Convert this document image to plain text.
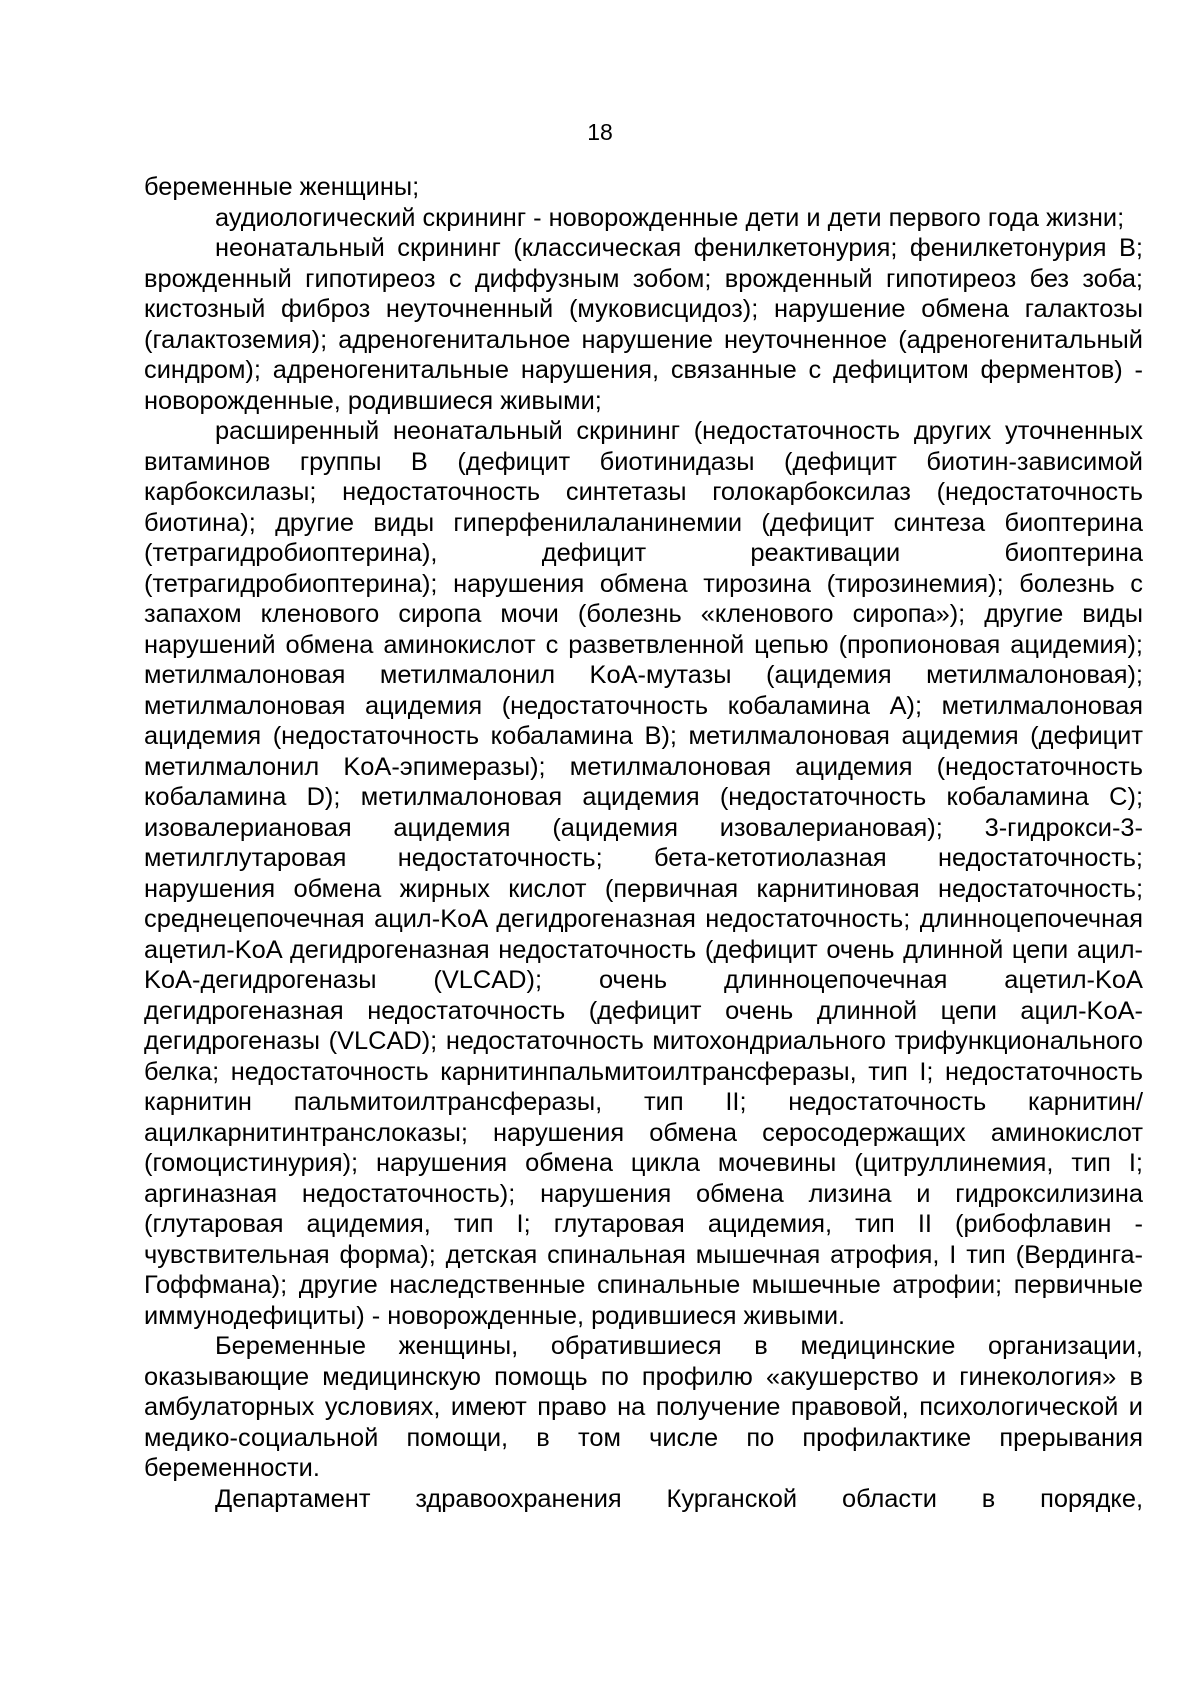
18

беременные женщины;

аудиологический скрининг - новорожденные дети и дети первого года жизни;

неонатальный скрининг (классическая фенилкетонурия; фенилкетонурия B; врожденный гипотиреоз с диффузным зобом; врожденный гипотиреоз без зоба; кистозный фиброз неуточненный (муковисцидоз); нарушение обмена галактозы (галактоземия); адреногенитальное нарушение неуточненное (адреногенитальный синдром); адреногенитальные нарушения, связанные с дефицитом ферментов) - новорожденные, родившиеся живыми;

расширенный неонатальный скрининг (недостаточность других уточненных витаминов группы B (дефицит биотинидазы (дефицит биотин-зависимой карбоксилазы; недостаточность синтетазы голокарбоксилаз (недостаточность биотина); другие виды гиперфенилаланинемии (дефицит синтеза биоптерина (тетрагидробиоптерина), дефицит реактивации биоптерина (тетрагидробиоптерина); нарушения обмена тирозина (тирозинемия); болезнь с запахом кленового сиропа мочи (болезнь «кленового сиропа»); другие виды нарушений обмена аминокислот с разветвленной цепью (пропионовая ацидемия); метилмалоновая метилмалонил KoA-мутазы (ацидемия метилмалоновая); метилмалоновая ацидемия (недостаточность кобаламина A); метилмалоновая ацидемия (недостаточность кобаламина B); метилмалоновая ацидемия (дефицит метилмалонил KoA-эпимеразы); метилмалоновая ацидемия (недостаточность кобаламина D); метилмалоновая ацидемия (недостаточность кобаламина C); изовалериановая ацидемия (ацидемия изовалериановая); 3-гидрокси-3-метилглутаровая недостаточность; бета-кетотиолазная недостаточность; нарушения обмена жирных кислот (первичная карнитиновая недостаточность; среднецепочечная ацил-KoA дегидрогеназная недостаточность; длинноцепочечная ацетил-KoA дегидрогеназная недостаточность (дефицит очень длинной цепи ацил-KoA-дегидрогеназы (VLCAD); очень длинноцепочечная ацетил-KoA дегидрогеназная недостаточность (дефицит очень длинной цепи ацил-KoA-дегидрогеназы (VLCAD); недостаточность митохондриального трифункционального белка; недостаточность карнитинпальмитоилтрансферазы, тип I; недостаточность карнитин пальмитоилтрансферазы, тип II; недостаточность карнитин/ацилкарнитинтранслоказы; нарушения обмена серосодержащих аминокислот (гомоцистинурия); нарушения обмена цикла мочевины (цитруллинемия, тип I; аргиназная недостаточность); нарушения обмена лизина и гидроксилизина (глутаровая ацидемия, тип I; глутаровая ацидемия, тип II (рибофлавин - чувствительная форма); детская спинальная мышечная атрофия, I тип (Вердинга-Гоффмана); другие наследственные спинальные мышечные атрофии; первичные иммунодефициты) - новорожденные, родившиеся живыми.

Беременные женщины, обратившиеся в медицинские организации, оказывающие медицинскую помощь по профилю «акушерство и гинекология» в амбулаторных условиях, имеют право на получение правовой, психологической и медико-социальной помощи, в том числе по профилактике прерывания беременности.

Департамент здравоохранения Курганской области в порядке,
